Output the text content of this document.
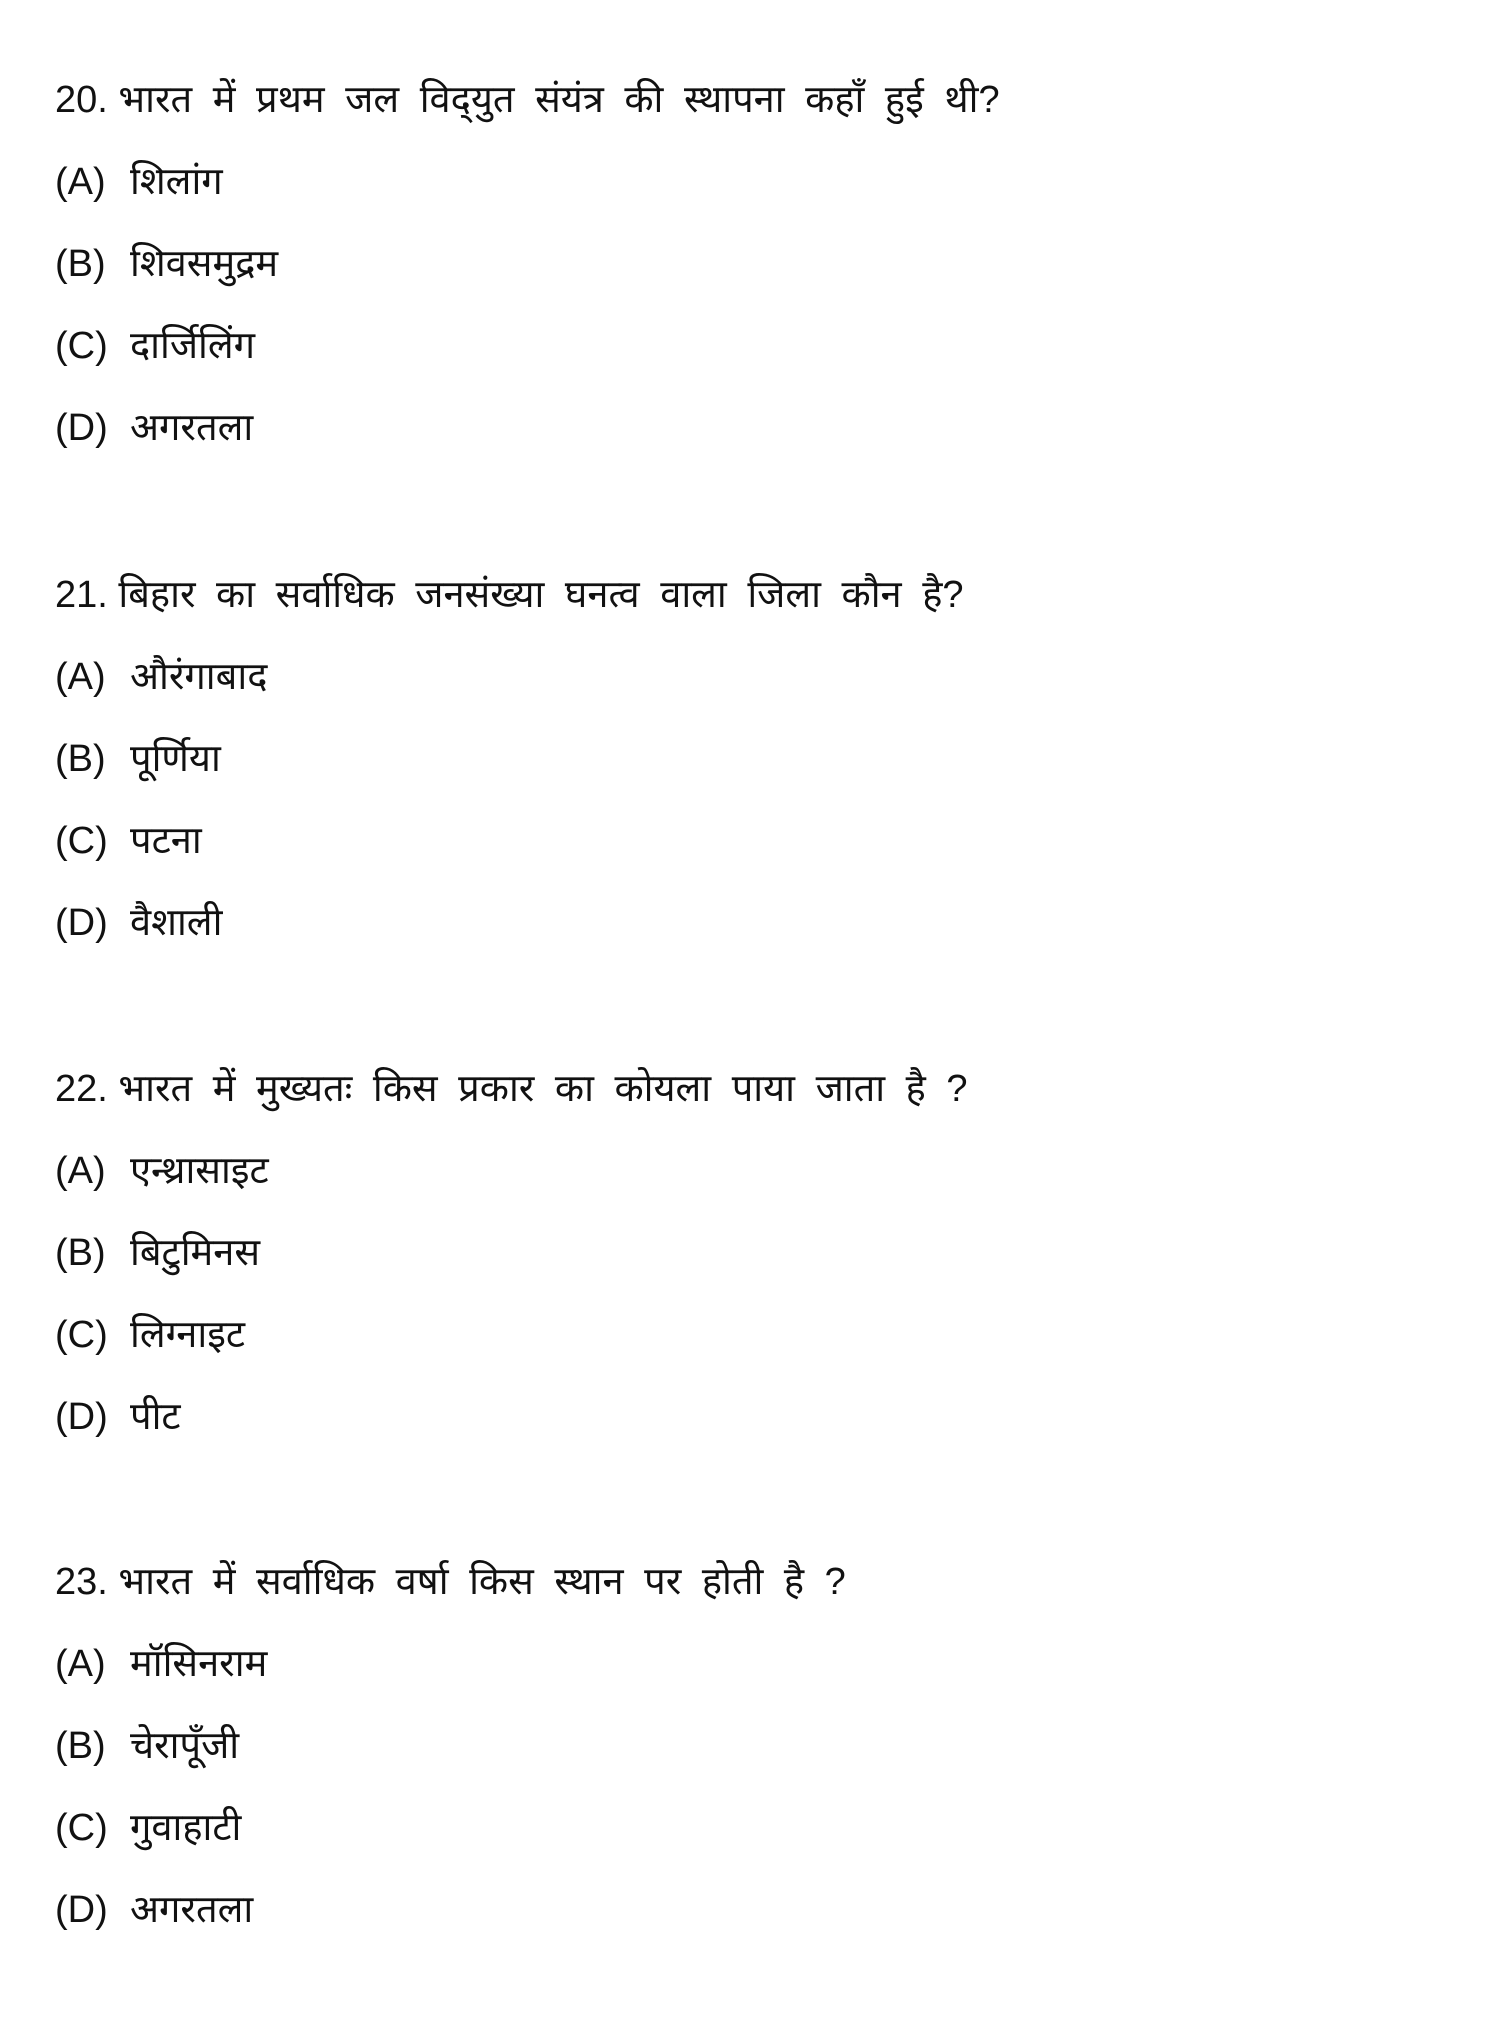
20. भारत में प्रथम जल विद्‌युत संयंत्र की स्थापना कहाँ हुई थी?
(A) शिलांग
(B) शिवसमुद्रम
(C) दार्जिलिंग
(D) अगरतला
21. बिहार का सर्वाधिक जनसंख्या घनत्व वाला जिला कौन है?
(A) औरंगाबाद
(B) पूर्णिया
(C) पटना
(D) वैशाली
22. भारत में मुख्यतः किस प्रकार का कोयला पाया जाता है ?
(A) एन्थ्रासाइट
(B) बिटुमिनस
(C) लिग्नाइट
(D) पीट
23. भारत में सर्वाधिक वर्षा किस स्थान पर होती है ?
(A) मॉसिनराम
(B) चेरापूँजी
(C) गुवाहाटी
(D) अगरतला
